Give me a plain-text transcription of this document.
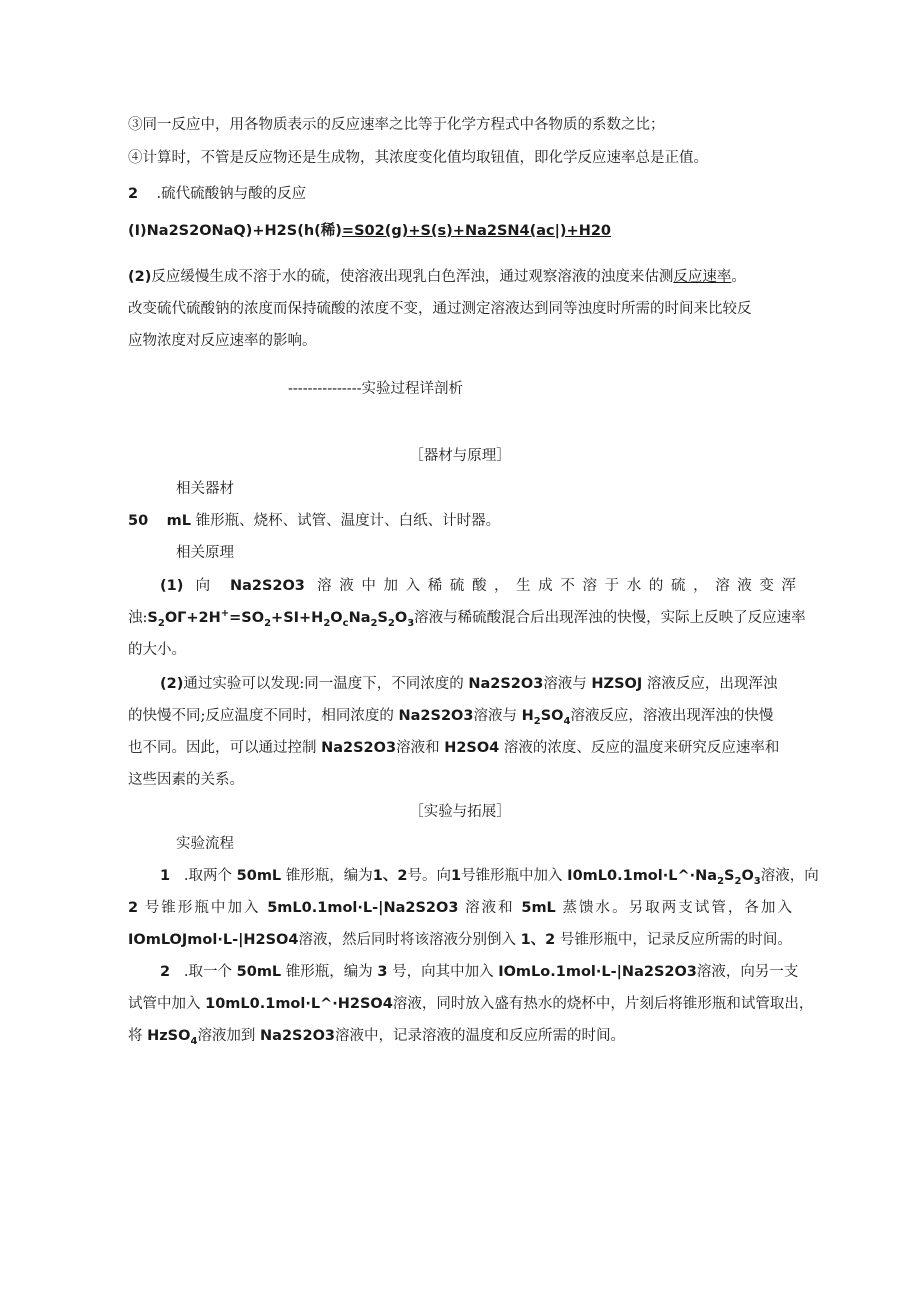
③同一反应中，用各物质表示的反应速率之比等于化学方程式中各物质的系数之比；
④计算时，不管是反应物还是生成物，其浓度变化值均取钮值，即化学反应速率总是正值。
2 .硫代硫酸钠与酸的反应
(I)Na2S2ONaQ)+H2S(h(稀)=S02(g)+S(s)+Na2SN4(ac|)+H20
(2)反应缓慢生成不溶于水的硫，使溶液出现乳白色浑浊，通过观察溶液的浊度来估测反应速率。
改变硫代硫酸钠的浓度而保持硫酸的浓度不变，通过测定溶液达到同等浊度时所需的时间来比较反
应物浓度对反应速率的影响。
---------------实验过程详剖析
［器材与原理］
相关器材
50 mL 锥形瓶、烧杯、试管、温度计、白纸、计时器。
相关原理
(1) 向 Na2S2O3 溶液中加入稀硫酸，生成不溶于水的硫，溶液变浑
浊$:S_2OГ+2H^+=SO_2+SI+H_2O_cNa_2S_2O_3$溶液与稀硫酸混合后出现浑浊的快慢，实际上反映了反应速率
的大小。
(2)通过实验可以发现:同一温度下，不同浓度的 Na2S2O3溶液与 HZSOJ 溶液反应，出现浑浊
的快慢不同;反应温度不同时，相同浓度的 Na2S2O3溶液与 $H_2SO_4$溶液反应，溶液出现浑浊的快慢
也不同。因此，可以通过控制 Na2S2O3溶液和 H2SO4 溶液的浓度、反应的温度来研究反应速率和
这些因素的关系。
［实验与拓展］
实验流程
1 .取两个 50mL 锥形瓶，编为1、2号。向1号锥形瓶中加入 $I0mL0.1mol\cdot L\^{}\cdot Na_2S_2O_3$溶液，向
2 号锥形瓶中加入 5mL0.1mol·L-|Na2S2O3 溶液和 5mL 蒸馈水。另取两支试管，各加入
IOmLOJmol·L-|H2SO4溶液，然后同时将该溶液分别倒入 1、2 号锥形瓶中，记录反应所需的时间。
2 .取一个 50mL 锥形瓶，编为 3 号，向其中加入 IOmLo.1mol·L-|Na2S2O3溶液，向另一支
试管中加入 10mL0.1mol·L^·H2SO4溶液，同时放入盛有热水的烧杯中，片刻后将锥形瓶和试管取出，
将 HzSO$_4$溶液加到 Na2S2O3溶液中，记录溶液的温度和反应所需的时间。
